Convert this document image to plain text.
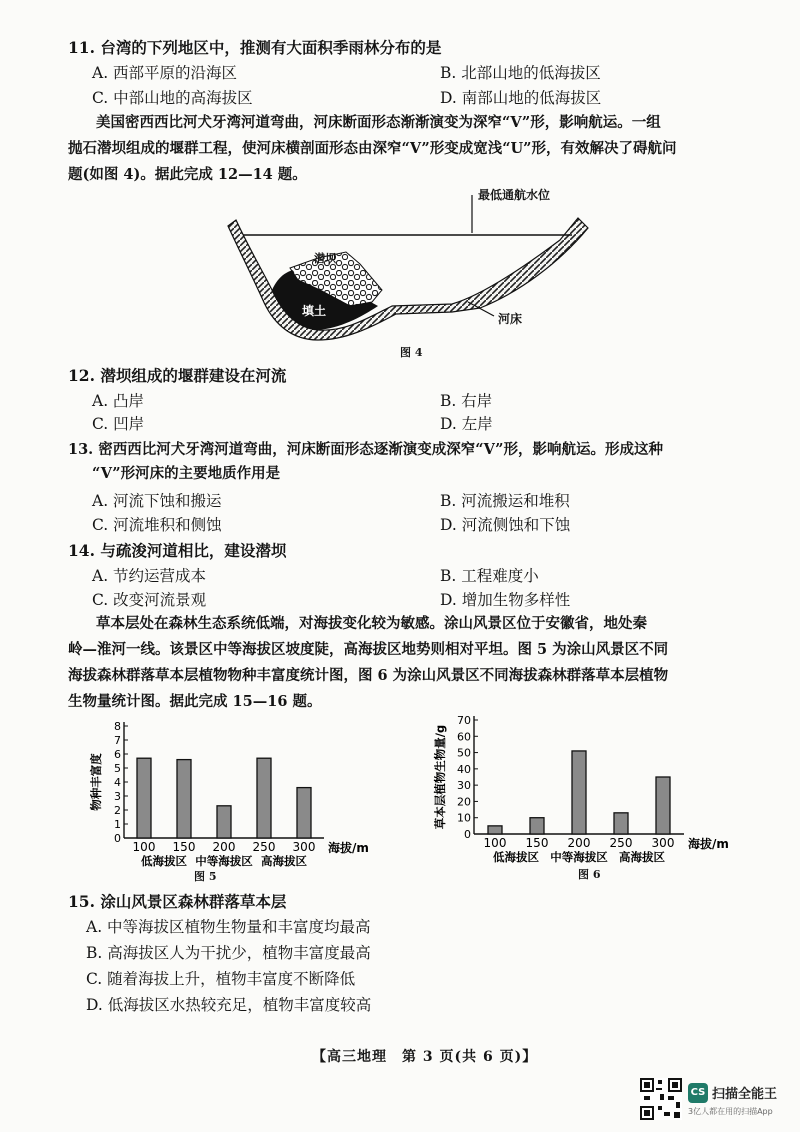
11. 台湾的下列地区中，推测有大面积季雨林分布的是
A. 西部平原的沿海区	B. 北部山地的低海拔区
C. 中部山地的高海拔区	D. 南部山地的低海拔区

美国密西西比河犬牙湾河道弯曲，河床断面形态渐渐演变为深窄“V”形，影响航运。一组

抛石潜坝组成的堰群工程，使河床横剖面形态由深窄“V”形变成宽浅“U”形，有效解决了碍航问

题(如图 4)。据此完成 12—14 题。

最低通航水位
潜坝
填土
河床
图 4
12. 潜坝组成的堰群建设在河流
A. 凸岸	B. 右岸
C. 凹岸	D. 左岸
13. 密西西比河犬牙湾河道弯曲，河床断面形态逐渐演变成深窄“V”形，影响航运。形成这种
“V”形河床的主要地质作用是
A. 河流下蚀和搬运	B. 河流搬运和堆积
C. 河流堆积和侧蚀	D. 河流侧蚀和下蚀
14. 与疏浚河道相比，建设潜坝
A. 节约运营成本	B. 工程难度小
C. 改变河流景观	D. 增加生物多样性

草本层处在森林生态系统低端，对海拔变化较为敏感。涂山风景区位于安徽省，地处秦

岭—淮河一线。该景区中等海拔区坡度陡，高海拔区地势则相对平坦。图 5 为涂山风景区不同

海拔森林群落草本层植物物种丰富度统计图，图 6 为涂山风景区不同海拔森林群落草本层植物

生物量统计图。据此完成 15—16 题。

0
1
2
3
4
5
6
7
8
100 150 200 250 300
低海拔区 中等海拔区 高海拔区
海拔/m
物种丰富度
0
10
20
30
40
50
60
70
100 150 200 250 300
低海拔区 中等海拔区 高海拔区
海拔/m
草本层植物生物量/g
图 5	图 6
15. 涂山风景区森林群落草本层
A. 中等海拔区植物生物量和丰富度均最高
B. 高海拔区人为干扰少，植物丰富度最高
C. 随着海拔上升，植物丰富度不断降低
D. 低海拔区水热较充足，植物丰富度较高
【高三地理　第 3 页(共 6 页)】
CS 扫描全能王
3亿人都在用的扫描App
